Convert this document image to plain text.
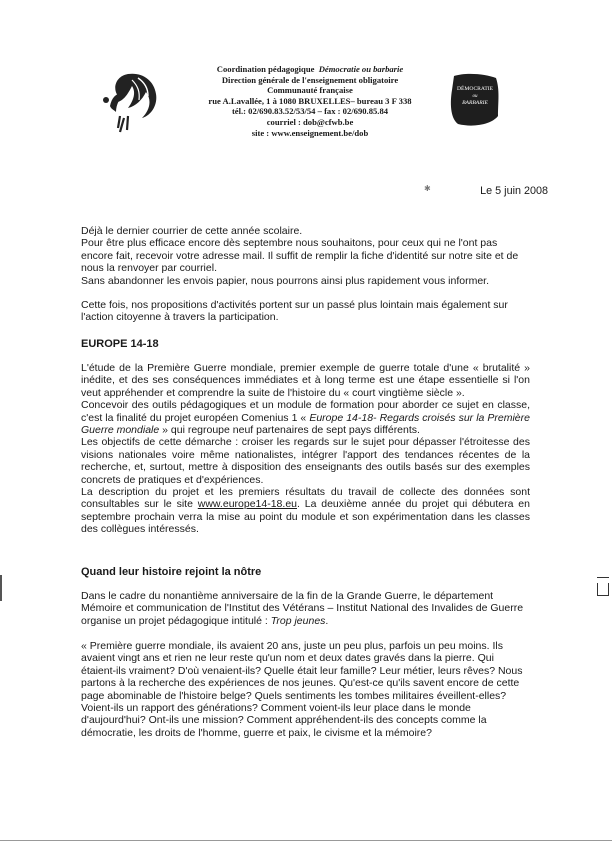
Coordination pédagogique Démocratie ou barbarie
Direction générale de l'enseignement obligatoire
Communauté française
rue A.Lavallée, 1 à 1080 BRUXELLES– bureau 3 F 338
tél.: 02/690.83.52/53/54 – fax : 02/690.85.84
courriel : dob@cfwb.be
site : www.enseignement.be/dob
DÉMOCRATIE
ou
BARBARIE
✱	Le 5 juin 2008

Déjà le dernier courrier de cette année scolaire.

Pour être plus efficace encore dès septembre nous souhaitons, pour ceux qui ne l'ont pas encore fait, recevoir votre adresse mail. Il suffit de remplir la fiche d'identité sur notre site et de nous la renvoyer par courriel.

Sans abandonner les envois papier, nous pourrons ainsi plus rapidement vous informer.

Cette fois, nos propositions d'activités portent sur un passé plus lointain mais également sur l'action citoyenne à travers la participation.
EUROPE 14-18

L'étude de la Première Guerre mondiale, premier exemple de guerre totale d'une « brutalité » inédite, et des ses conséquences immédiates et à long terme est une étape essentielle si l'on veut appréhender et comprendre la suite de l'histoire du « court vingtième siècle ».

Concevoir des outils pédagogiques et un module de formation pour aborder ce sujet en classe, c'est la finalité du projet européen Comenius 1 « Europe 14-18- Regards croisés sur la Première Guerre mondiale » qui regroupe neuf partenaires de sept pays différents.

Les objectifs de cette démarche : croiser les regards sur le sujet pour dépasser l'étroitesse des visions nationales voire même nationalistes, intégrer l'apport des tendances récentes de la recherche, et, surtout, mettre à disposition des enseignants des outils basés sur des exemples concrets de pratiques et d'expériences.

La description du projet et les premiers résultats du travail de collecte des données sont consultables sur le site www.europe14-18.eu. La deuxième année du projet qui débutera en septembre prochain verra la mise au point du module et son expérimentation dans les classes des collègues intéressés.

Quand leur histoire rejoint la nôtre
Dans le cadre du nonantième anniversaire de la fin de la Grande Guerre, le département Mémoire et communication de l'Institut des Vétérans – Institut National des Invalides de Guerre organise un projet pédagogique intitulé : Trop jeunes.
« Première guerre mondiale, ils avaient 20 ans, juste un peu plus, parfois un peu moins. Ils avaient vingt ans et rien ne leur reste qu'un nom et deux dates gravés dans la pierre. Qui étaient-ils vraiment? D'où venaient-ils? Quelle était leur famille? Leur métier, leurs rêves? Nous partons à la recherche des expériences de nos jeunes. Qu'est-ce qu'ils savent encore de cette page abominable de l'histoire belge? Quels sentiments les tombes militaires éveillent-elles? Voient-ils un rapport des générations? Comment voient-ils leur place dans le monde d'aujourd'hui? Ont-ils une mission? Comment appréhendent-ils des concepts comme la démocratie, les droits de l'homme, guerre et paix, le civisme et la mémoire?
